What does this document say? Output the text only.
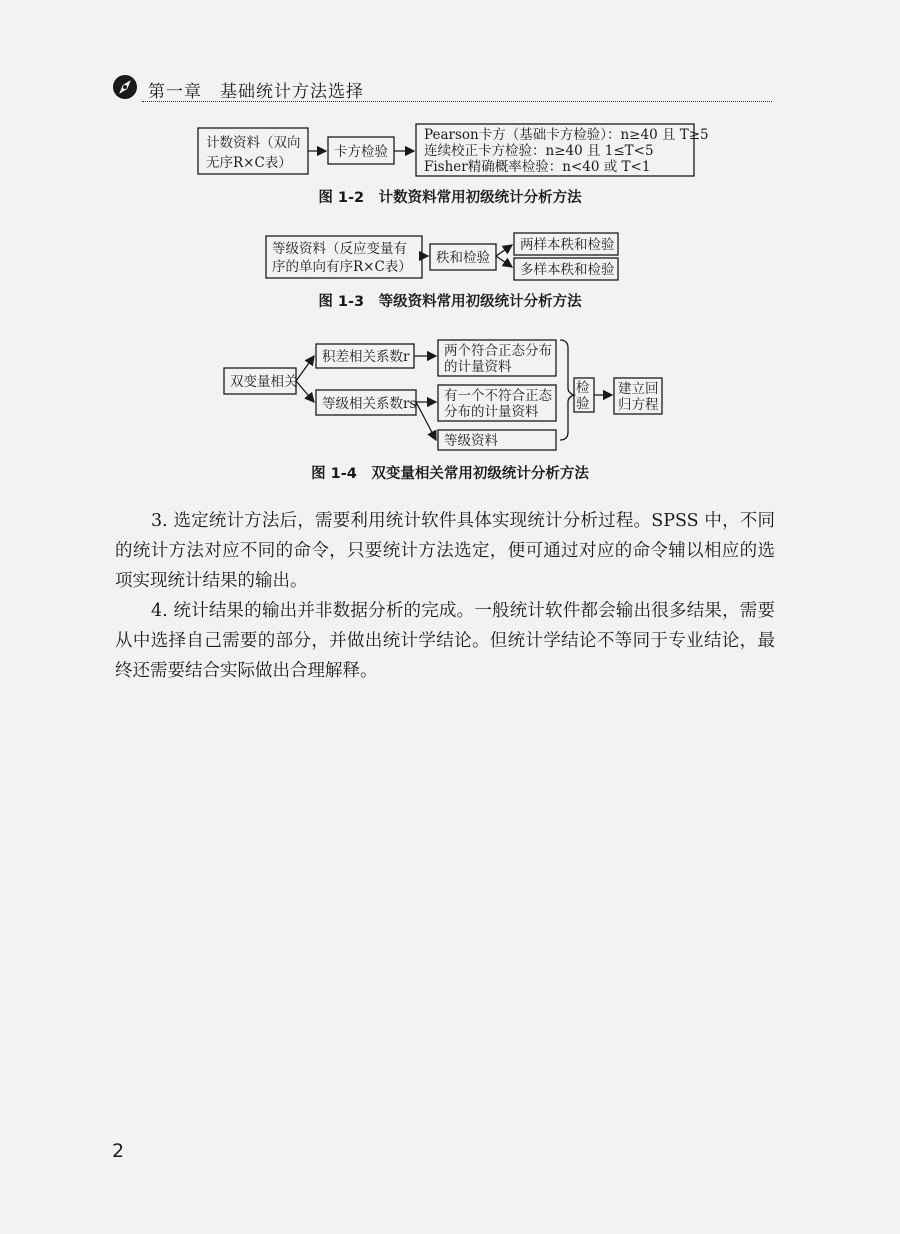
第一章　基础统计方法选择
计数资料（双向
无序R×C表）
卡方检验
Pearson卡方（基础卡方检验）：n≥40 且 T≥5
连续校正卡方检验：n≥40 且 1≤T<5
Fisher精确概率检验：n<40 或 T<1
等级资料（反应变量有
序的单向有序R×C表）
秩和检验
两样本秩和检验
多样本秩和检验
双变量相关
积差相关系数r
等级相关系数rs
两个符合正态分布
的计量资料
有一个不符合正态
分布的计量资料
等级资料
检
验
建立回
归方程
图 1-2　计数资料常用初级统计分析方法
图 1-3　等级资料常用初级统计分析方法
图 1-4　双变量相关常用初级统计分析方法
3. 选定统计方法后，需要利用统计软件具体实现统计分析过程。SPSS 中，不同的统计方法对应不同的命令，只要统计方法选定，便可通过对应的命令辅以相应的选项实现统计结果的输出。
4. 统计结果的输出并非数据分析的完成。一般统计软件都会输出很多结果，需要从中选择自己需要的部分，并做出统计学结论。但统计学结论不等同于专业结论，最终还需要结合实际做出合理解释。
2
